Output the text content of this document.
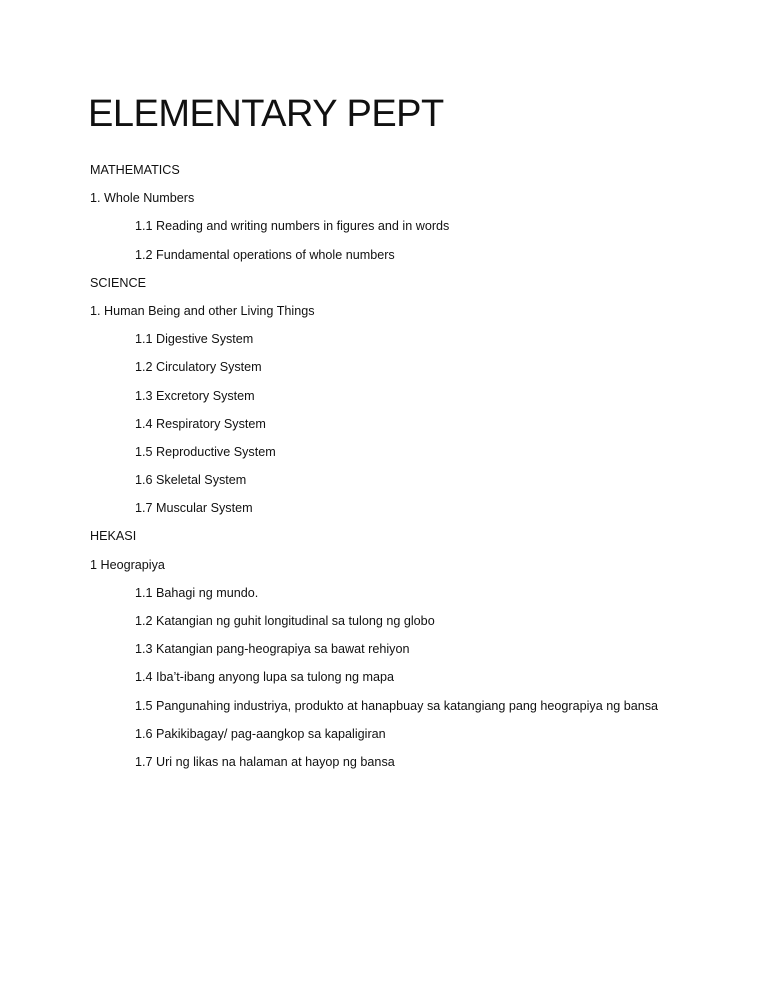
ELEMENTARY PEPT
MATHEMATICS
1. Whole Numbers
1.1 Reading and writing numbers in figures and in words
1.2 Fundamental operations of whole numbers
SCIENCE
1. Human Being and other Living Things
1.1 Digestive System
1.2 Circulatory System
1.3 Excretory System
1.4 Respiratory System
1.5 Reproductive System
1.6 Skeletal System
1.7 Muscular System
HEKASI
1 Heograpiya
1.1 Bahagi ng mundo.
1.2 Katangian ng guhit longitudinal sa tulong ng globo
1.3 Katangian pang-heograpiya sa bawat rehiyon
1.4 Iba’t-ibang anyong lupa sa tulong ng mapa
1.5 Pangunahing industriya, produkto at hanapbuay sa katangiang pang heograpiya ng bansa
1.6 Pakikibagay/ pag-aangkop sa kapaligiran
1.7 Uri ng likas na halaman at hayop ng bansa
